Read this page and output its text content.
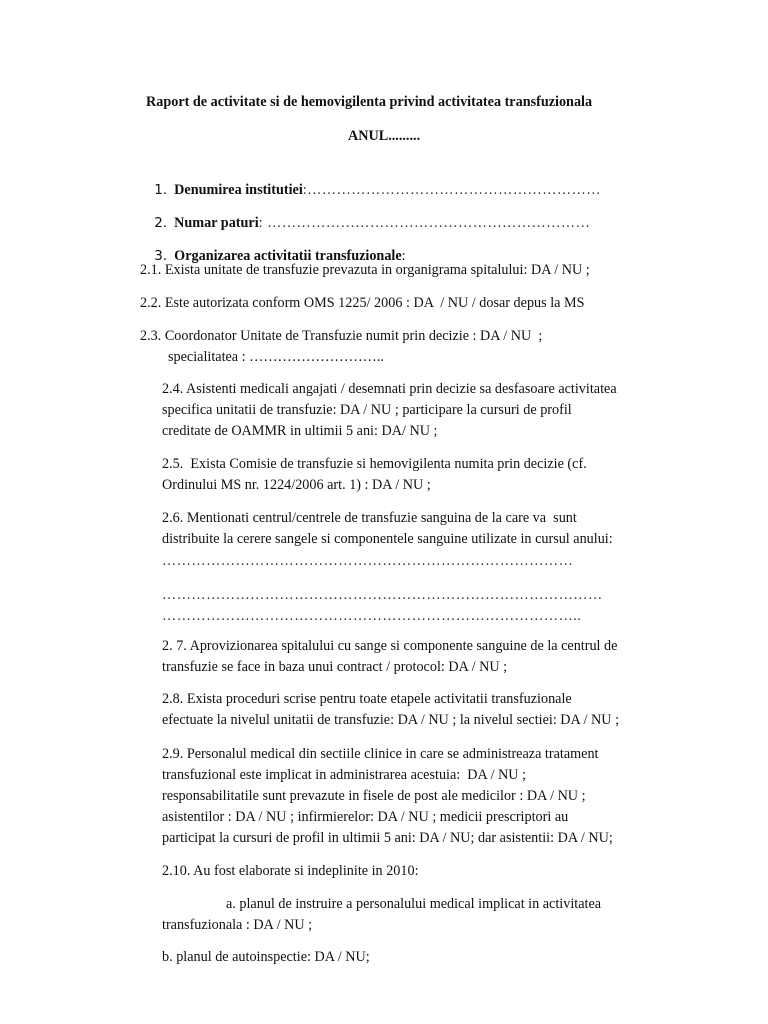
Raport de activitate si de hemovigilenta privind activitatea transfuzionala
ANUL.........

1. Denumirea institutiei:……………………………………………………

2. Numar paturi: …………………………………………………………

3. Organizarea activitatii transfuzionale:

2.1. Exista unitate de transfuzie prevazuta in organigrama spitalului: DA / NU ;
2.2. Este autorizata conform OMS 1225/ 2006 : DA  / NU / dosar depus la MS
2.3. Coordonator Unitate de Transfuzie numit prin decizie : DA / NU  ;
specialitatea : ………………………..
2.4. Asistenti medicali angajati / desemnati prin decizie sa desfasoare activitatea
specifica unitatii de transfuzie: DA / NU ; participare la cursuri de profil
creditate de OAMMR in ultimii 5 ani: DA/ NU ;
2.5.  Exista Comisie de transfuzie si hemovigilenta numita prin decizie (cf.
Ordinului MS nr. 1224/2006 art. 1) : DA / NU ;
2.6. Mentionati centrul/centrele de transfuzie sanguina de la care va  sunt
distribuite la cerere sangele si componentele sanguine utilizate in cursul anului:
…………………………………………………………………………
………………………………………………………………………………
…………………………………………………………………………..
2. 7. Aprovizionarea spitalului cu sange si componente sanguine de la centrul de
transfuzie se face in baza unui contract / protocol: DA / NU ;
2.8. Exista proceduri scrise pentru toate etapele activitatii transfuzionale
efectuate la nivelul unitatii de transfuzie: DA / NU ; la nivelul sectiei: DA / NU ;
2.9. Personalul medical din sectiile clinice in care se administreaza tratament
transfuzional este implicat in administrarea acestuia:  DA / NU ;
responsabilitatile sunt prevazute in fisele de post ale medicilor : DA / NU ;
asistentilor : DA / NU ; infirmierelor: DA / NU ; medicii prescriptori au
participat la cursuri de profil in ultimii 5 ani: DA / NU; dar asistentii: DA / NU;
2.10. Au fost elaborate si indeplinite in 2010:
a. planul de instruire a personalului medical implicat in activitatea
transfuzionala : DA / NU ;
b. planul de autoinspectie: DA / NU;
